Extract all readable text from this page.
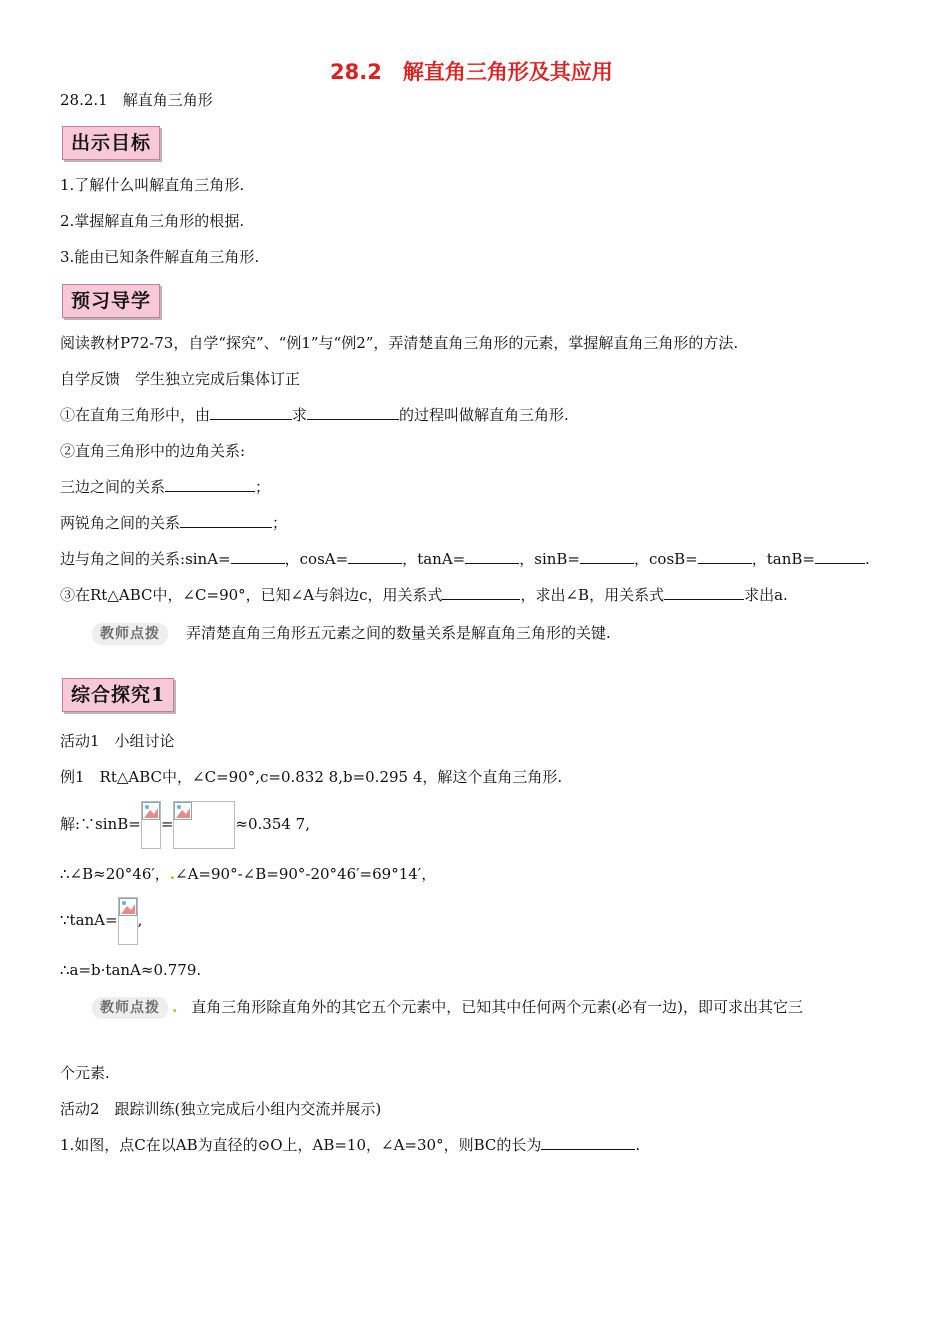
28.2　解直角三角形及其应用
28.2.1　解直角三角形
出示目标
1.了解什么叫解直角三角形.
2.掌握解直角三角形的根据.
3.能由已知条件解直角三角形.
预习导学
阅读教材P72-73，自学“探究”、“例1”与“例2”，弄清楚直角三角形的元素，掌握解直角三角形的方法.
自学反馈　学生独立完成后集体订正
①在直角三角形中，由	求	的过程叫做解直角三角形.
②直角三角形中的边角关系:
三边之间的关系	；
两锐角之间的关系	；
边与角之间的关系:sinA=	，cosA=	，tanA=	，sinB=	，cosB=	，tanB=	.
③在Rt△ABC中，∠C=90°，已知∠A与斜边c，用关系式	，求出∠B，用关系式	求出a.
教师点拨 弄清楚直角三角形五元素之间的数量关系是解直角三角形的关键.
综合探究1
活动1　小组讨论
例1　Rt△ABC中，∠C=90°,c=0.832 8,b=0.295 4，解这个直角三角形.
解:∵sinB= =	≈0.354 7,
∴∠B≈20°46′，.∠A=90°-∠B=90°-20°46′=69°14′，
∵tanA= ,
∴a=b·tanA≈0.779.
教师点拨 . 直角三角形除直角外的其它五个元素中，已知其中任何两个元素(必有一边)，即可求出其它三
个元素.
活动2　跟踪训练(独立完成后小组内交流并展示)
1.如图，点C在以AB为直径的⊙O上，AB=10，∠A=30°，则BC的长为	.
